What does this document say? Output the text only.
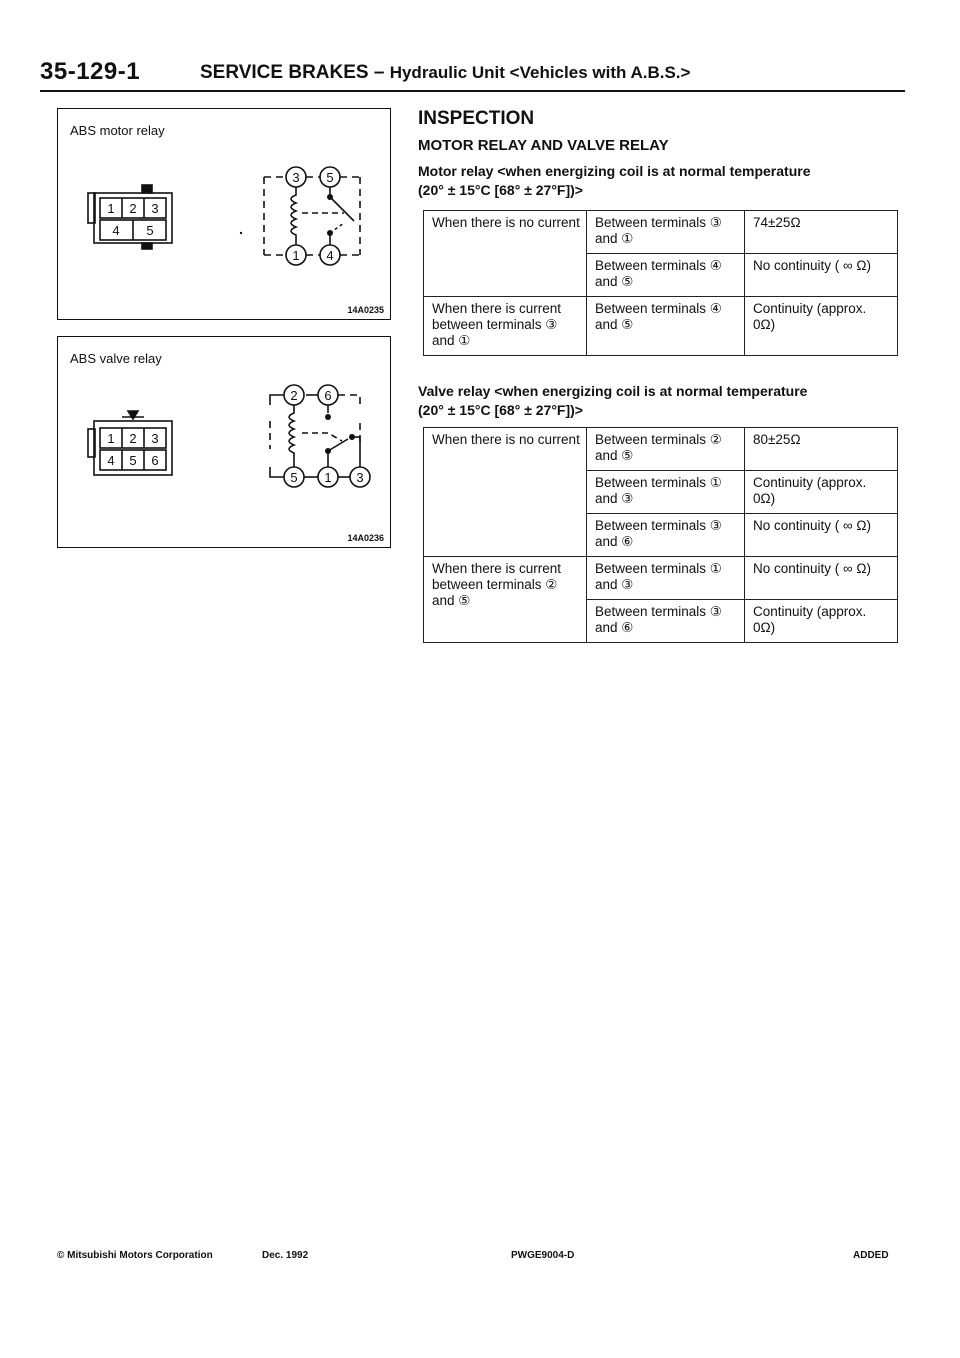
35-129-1	SERVICE BRAKES – Hydraulic Unit <Vehicles with A.B.S.>
ABS motor relay
1 2 3
4 5
3 5
1 4
14A0235
ABS valve relay
1 2 3
4 5 6
2 6
5 1 3
14A0236
INSPECTION
MOTOR RELAY AND VALVE RELAY
Motor relay <when energizing coil is at normal temperature
(20° ± 15°C [68° ± 27°F])>
When there is no current	Between terminals ③ and ①	74±25Ω
	Between terminals ④ and ⑤	No continuity ( ∞ Ω)
When there is current between terminals ③ and ①	Between terminals ④ and ⑤	Continuity (approx. 0Ω)
Valve relay <when energizing coil is at normal temperature
(20° ± 15°C [68° ± 27°F])>
When there is no current	Between terminals ② and ⑤	80±25Ω
	Between terminals ① and ③	Continuity (approx. 0Ω)
	Between terminals ③ and ⑥	No continuity ( ∞ Ω)
When there is current between terminals ② and ⑤	Between terminals ① and ③	No continuity ( ∞ Ω)
	Between terminals ③ and ⑥	Continuity (approx. 0Ω)
© Mitsubishi Motors Corporation	Dec. 1992	PWGE9004-D	ADDED
